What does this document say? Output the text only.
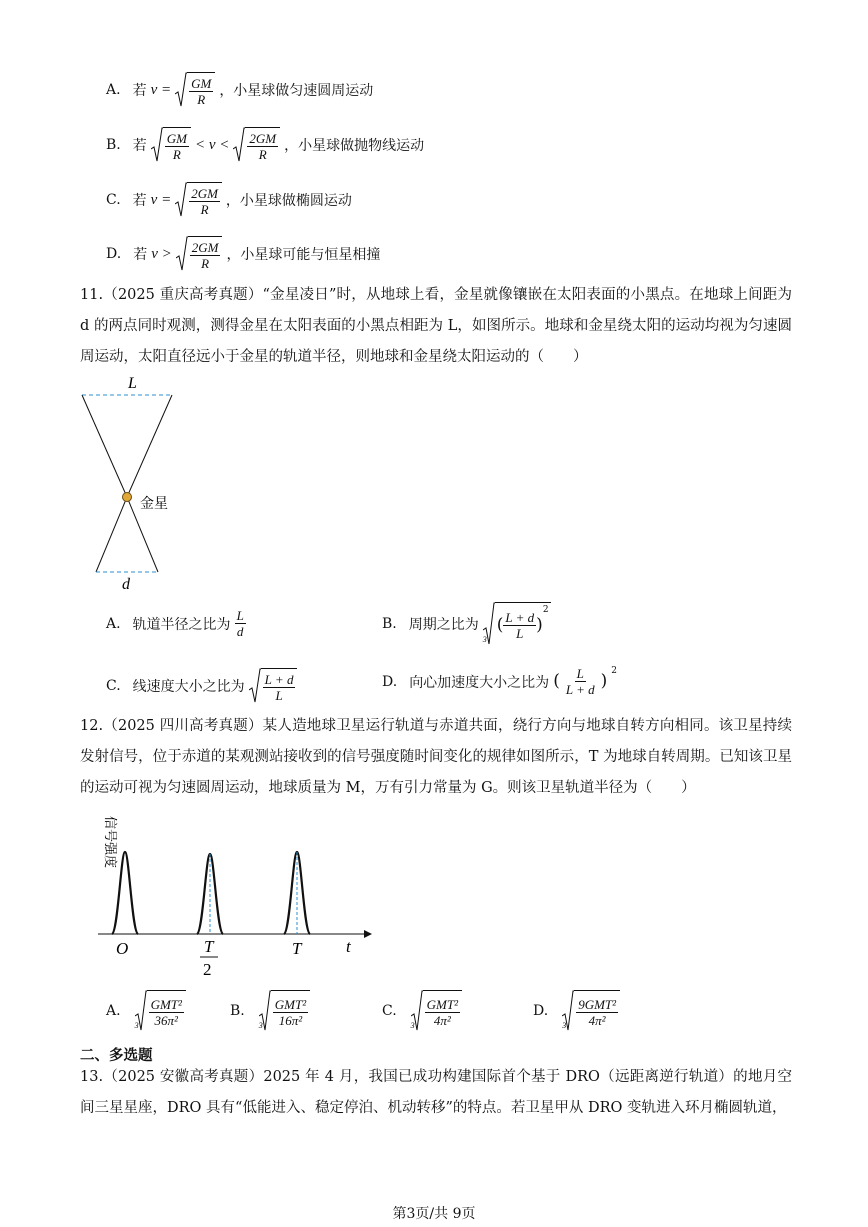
A. 若 $v = \frac{GM}{R}$ ，小星球做匀速圆周运动
B. 若 $\frac{GM}{R} < v < \frac{2GM}{R}$ ，小星球做抛物线运动
C. 若 $v = \frac{2GM}{R}$ ，小星球做椭圆运动
D. 若 $v > \frac{2GM}{R}$ ，小星球可能与恒星相撞
11.（2025 重庆高考真题）“金星凌日”时，从地球上看，金星就像镶嵌在太阳表面的小黑点。在地球上间距为 d 的两点同时观测，测得金星在太阳表面的小黑点相距为 L，如图所示。地球和金星绕太阳的运动均视为匀速圆周运动，太阳直径远小于金星的轨道半径，则地球和金星绕太阳运动的（　　）
L
金星
d
A. 轨道半径之比为 $\frac{L}{d}$	B. 周期之比为
3
( $\frac{L + d}{L}$ )
2
C. 线速度大小之比为 $\frac{L + d}{L}$	D. 向心加速度大小之比为 ( $\frac{L}{L + d}$ ) $^2$
12.（2025 四川高考真题）某人造地球卫星运行轨道与赤道共面，绕行方向与地球自转方向相同。该卫星持续发射信号，位于赤道的某观测站接收到的信号强度随时间变化的规律如图所示，T 为地球自转周期。已知该卫星的运动可视为匀速圆周运动，地球质量为 M，万有引力常量为 G。则该卫星轨道半径为（　　）
信号强度
O	T
2
T	t
A.
$3 \frac{\text{GMT²}}{\text{36π²}}$	B.
$3 \frac{\text{GMT²}}{\text{16π²}}$	C.
$3 \frac{\text{GMT²}}{\text{4π²}}$	D.
$3 \frac{\text{9GMT²}}{\text{4π²}}$
二、多选题
13.（2025 安徽高考真题）2025 年 4 月，我国已成功构建国际首个基于 DRO（远距离逆行轨道）的地月空间三星星座，DRO 具有“低能进入、稳定停泊、机动转移”的特点。若卫星甲从 DRO 变轨进入环月椭圆轨道，
第3页/共 9页
